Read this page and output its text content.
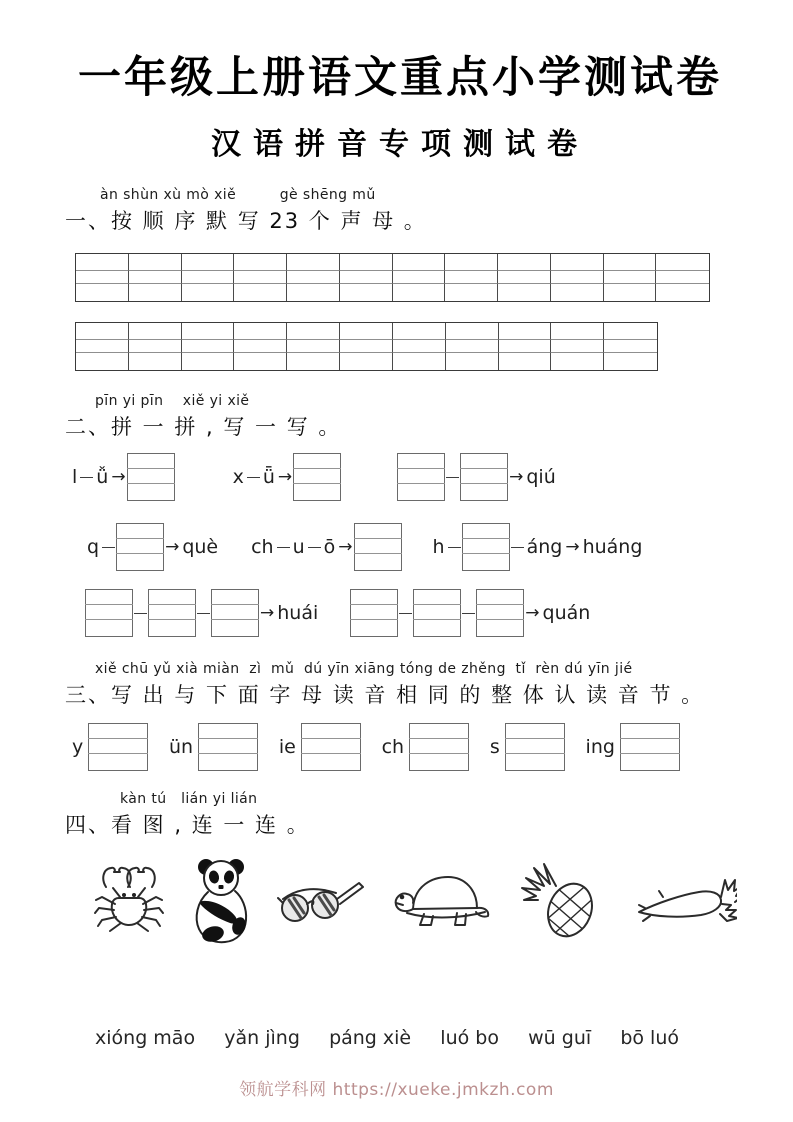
一年级上册语文重点小学测试卷
汉语拼音专项测试卷
àn shùn xù mò xiě         gè shēng mǔ
一、按 顺 序 默 写 23 个 声 母 。
pīn yi pīn    xiě yi xiě
二、拼 一 拼 , 写 一 写 。
l ǚ →	x ǖ →	→ qiú
q	→ què ch u ō →	h	áng → huáng
→ huái	→ quán
xiě chū yǔ xià miàn  zì  mǔ  dú yīn xiāng tóng de zhěng  tǐ  rèn dú yīn jié
三、写 出 与 下 面 字 母 读 音 相 同 的 整 体 认 读 音 节 。
y	ün	ie	ch	s	ing
kàn tú   lián yi lián
四、看 图 , 连 一 连 。
xióng māo yǎn jìng páng xiè luó bo wū guī bō luó
领航学科网 https://xueke.jmkzh.com
